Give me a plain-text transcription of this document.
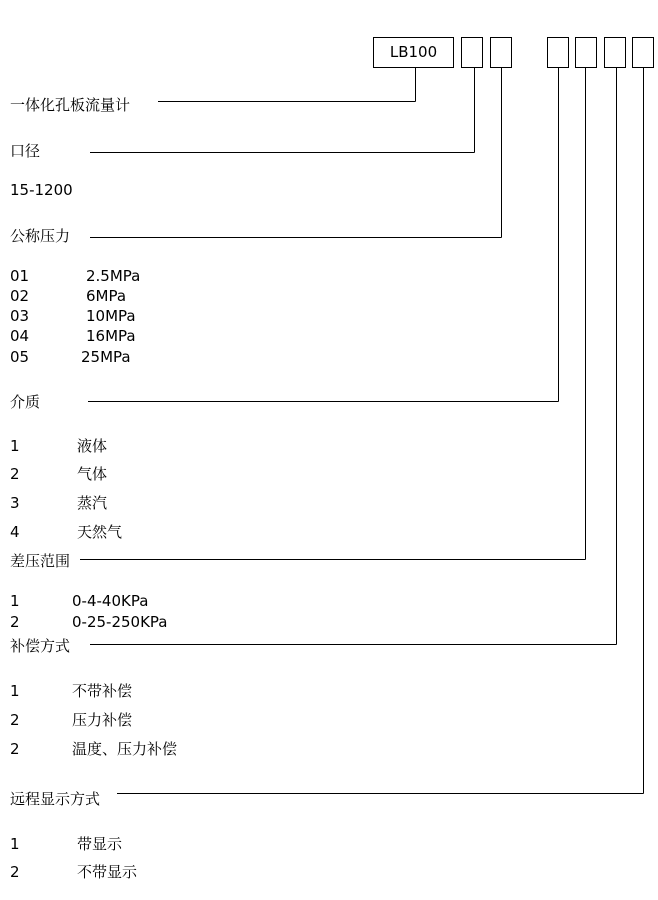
LB100
一体化孔板流量计
口径
15-1200
公称压力
01	2.5MPa
02	6MPa
03	10MPa
04	16MPa
05	25MPa
介质
1	液体
2	气体
3	蒸汽
4	天然气
差压范围
1	0-4-40KPa
2	0-25-250KPa
补偿方式
1	不带补偿
2	压力补偿
2	温度、压力补偿
远程显示方式
1	带显示
2	不带显示
